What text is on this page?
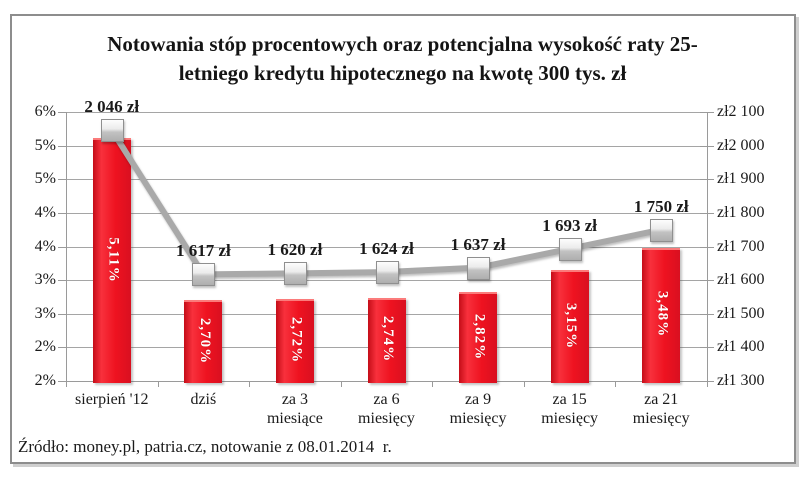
Notowania stóp procentowych oraz potencjalna wysokość raty 25-
letniego kredytu hipotecznego na kwotę 300 tys. zł
6%
5%
5%
4%
4%
3%
3%
2%
2%
zł2 100
zł2 000
zł1 900
zł1 800
zł1 700
zł1 600
zł1 500
zł1 400
zł1 300
5,11%
2,70%	2,72%	2,74%	2,82%	3,15%	3,48%
2 046 zł
1 617 zł	1 620 zł	1 624 zł	1 637 zł
1 693 zł
1 750 zł
sierpień '12	dziś	za 3
miesiące
za 6
miesięcy
za 9
miesięcy
za 15
miesięcy
za 21
miesięcy
Źródło: money.pl, patria.cz, notowanie z 08.01.2014  r.
